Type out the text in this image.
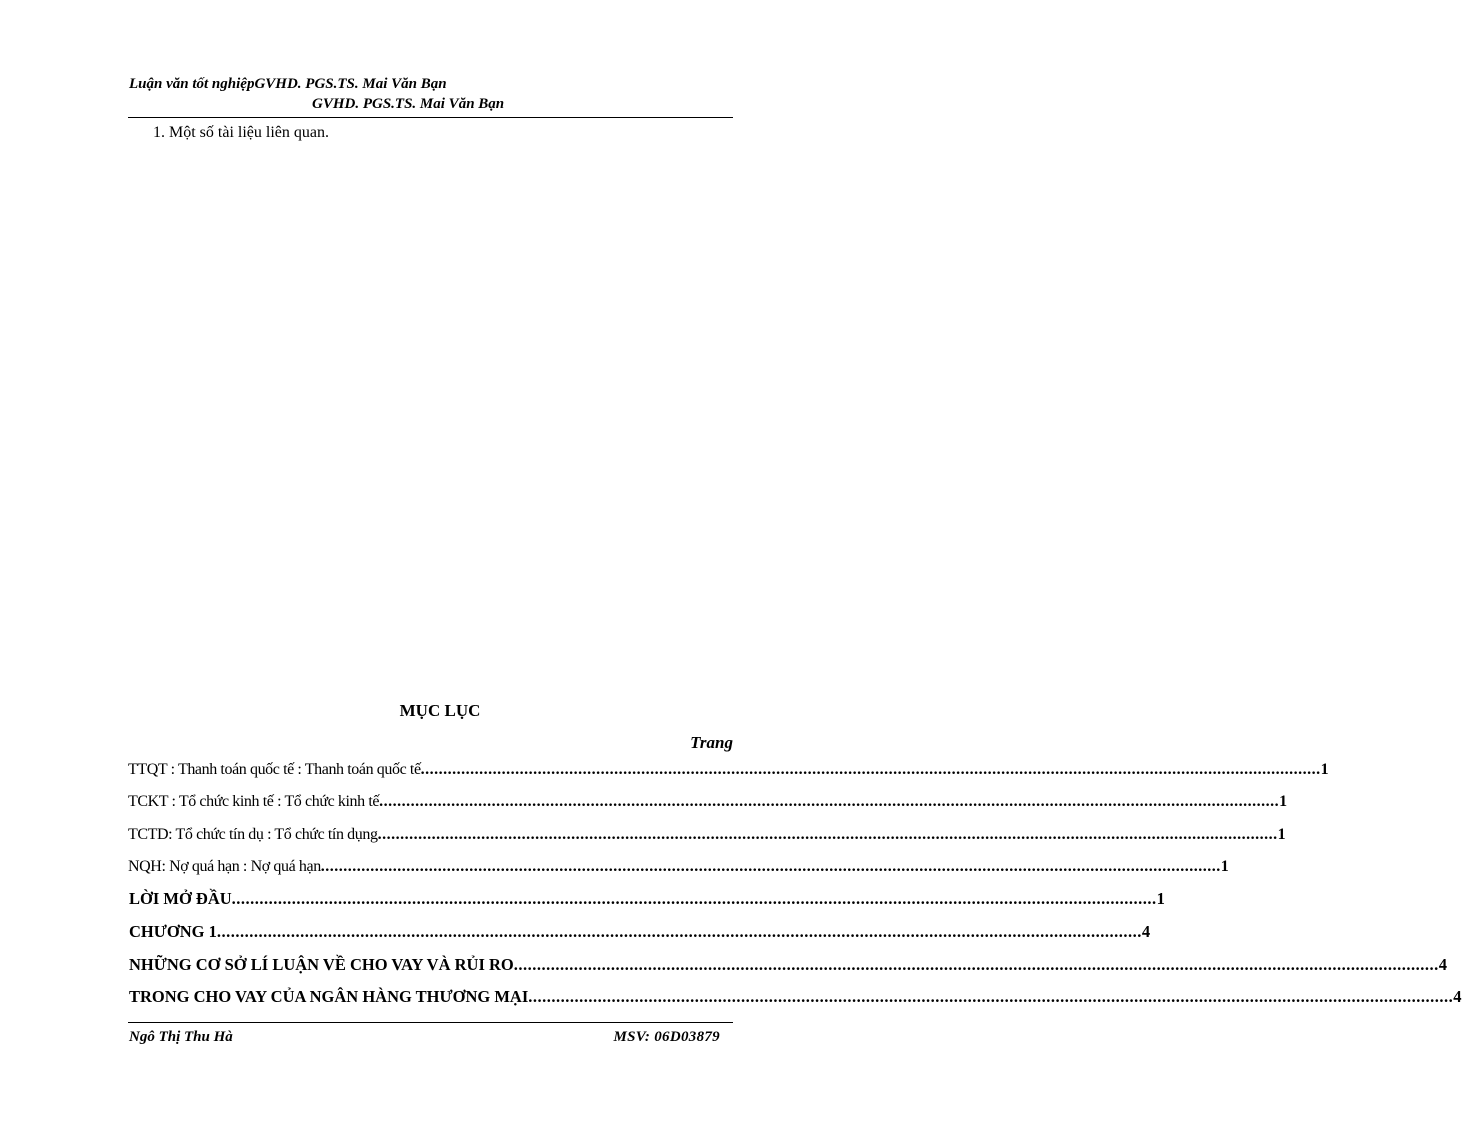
Luận văn tốt nghiệpGVHD. PGS.TS. Mai Văn Bạn
GVHD. PGS.TS. Mai Văn Bạn
1. Một số tài liệu liên quan.
MỤC LỤC
Trang
TTQT : Thanh toán quốc tế : Thanh toán quốc tế ........................................................................................................................................................................................................ 1
TCKT : Tổ chức kinh tế : Tổ chức kinh tế ........................................................................................................................................................................................................ 1
TCTD: Tổ chức tín dụ : Tổ chức tín dụng ........................................................................................................................................................................................................ 1
NQH: Nợ quá hạn : Nợ quá hạn ........................................................................................................................................................................................................ 1
LỜI MỞ ĐẦU ........................................................................................................................................................................................................ 1
CHƯƠNG 1 ........................................................................................................................................................................................................ 4
NHỮNG CƠ SỞ LÍ LUẬN VỀ CHO VAY VÀ RỦI RO ........................................................................................................................................................................................................ 4
TRONG CHO VAY CỦA NGÂN HÀNG THƯƠNG MẠI ........................................................................................................................................................................................................ 4
Ngô Thị Thu Hà	MSV: 06D03879
